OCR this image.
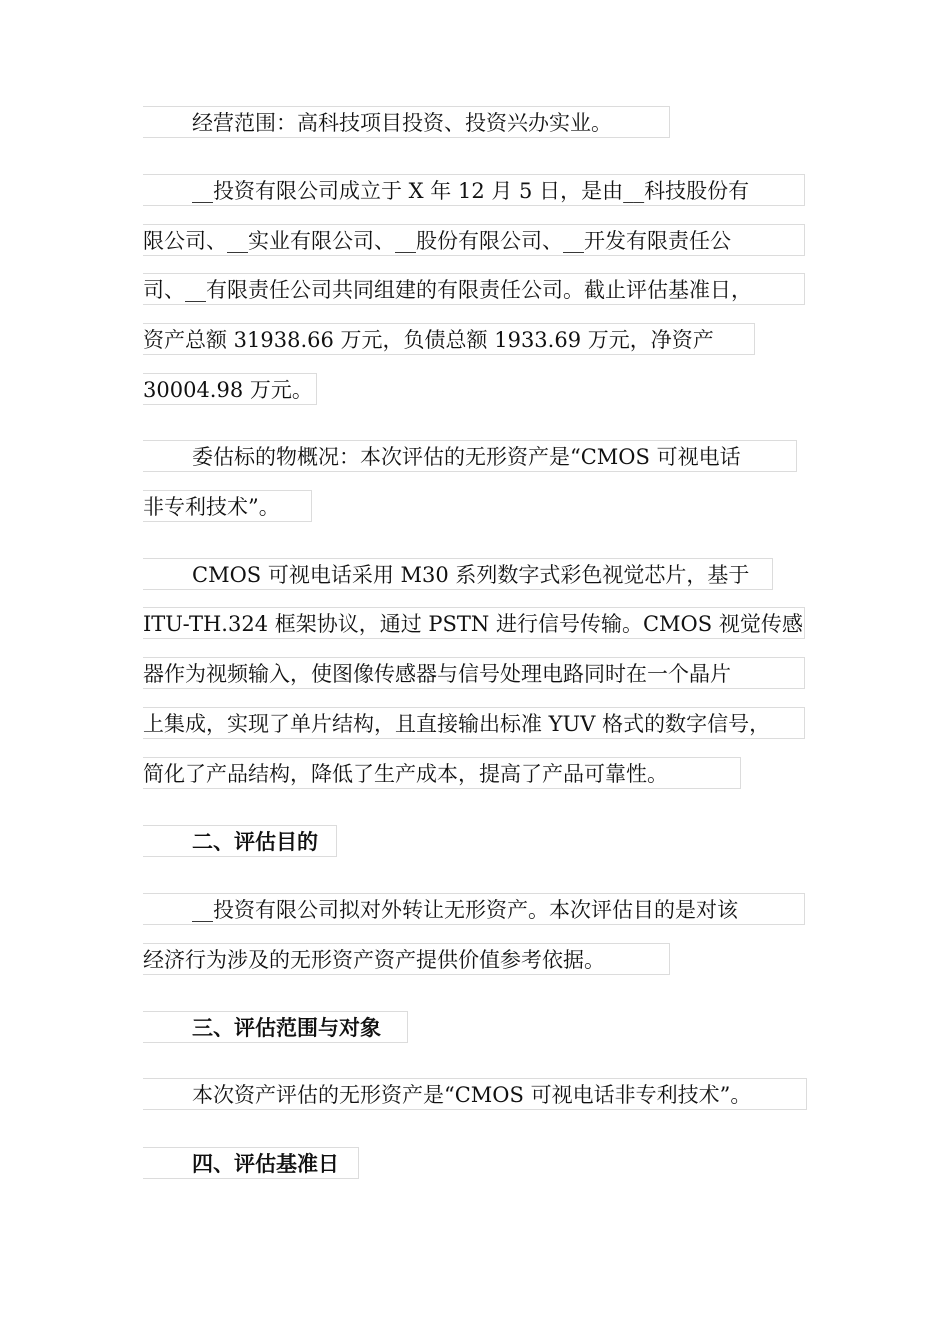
经营范围：高科技项目投资、投资兴办实业。
__投资有限公司成立于 X 年 12 月 5 日，是由__科技股份有
限公司、__实业有限公司、__股份有限公司、__开发有限责任公
司、__有限责任公司共同组建的有限责任公司。截止评估基准日，
资产总额 31938.66 万元，负债总额 1933.69 万元，净资产
30004.98 万元。
委估标的物概况：本次评估的无形资产是“CMOS 可视电话
非专利技术”。
CMOS 可视电话采用 M30 系列数字式彩色视觉芯片，基于
ITU-TH.324 框架协议，通过 PSTN 进行信号传输。CMOS 视觉传感
器作为视频输入，使图像传感器与信号处理电路同时在一个晶片
上集成，实现了单片结构，且直接输出标准 YUV 格式的数字信号，
简化了产品结构，降低了生产成本，提高了产品可靠性。
二、评估目的
__投资有限公司拟对外转让无形资产。本次评估目的是对该
经济行为涉及的无形资产资产提供价值参考依据。
三、评估范围与对象
本次资产评估的无形资产是“CMOS 可视电话非专利技术”。
四、评估基准日
